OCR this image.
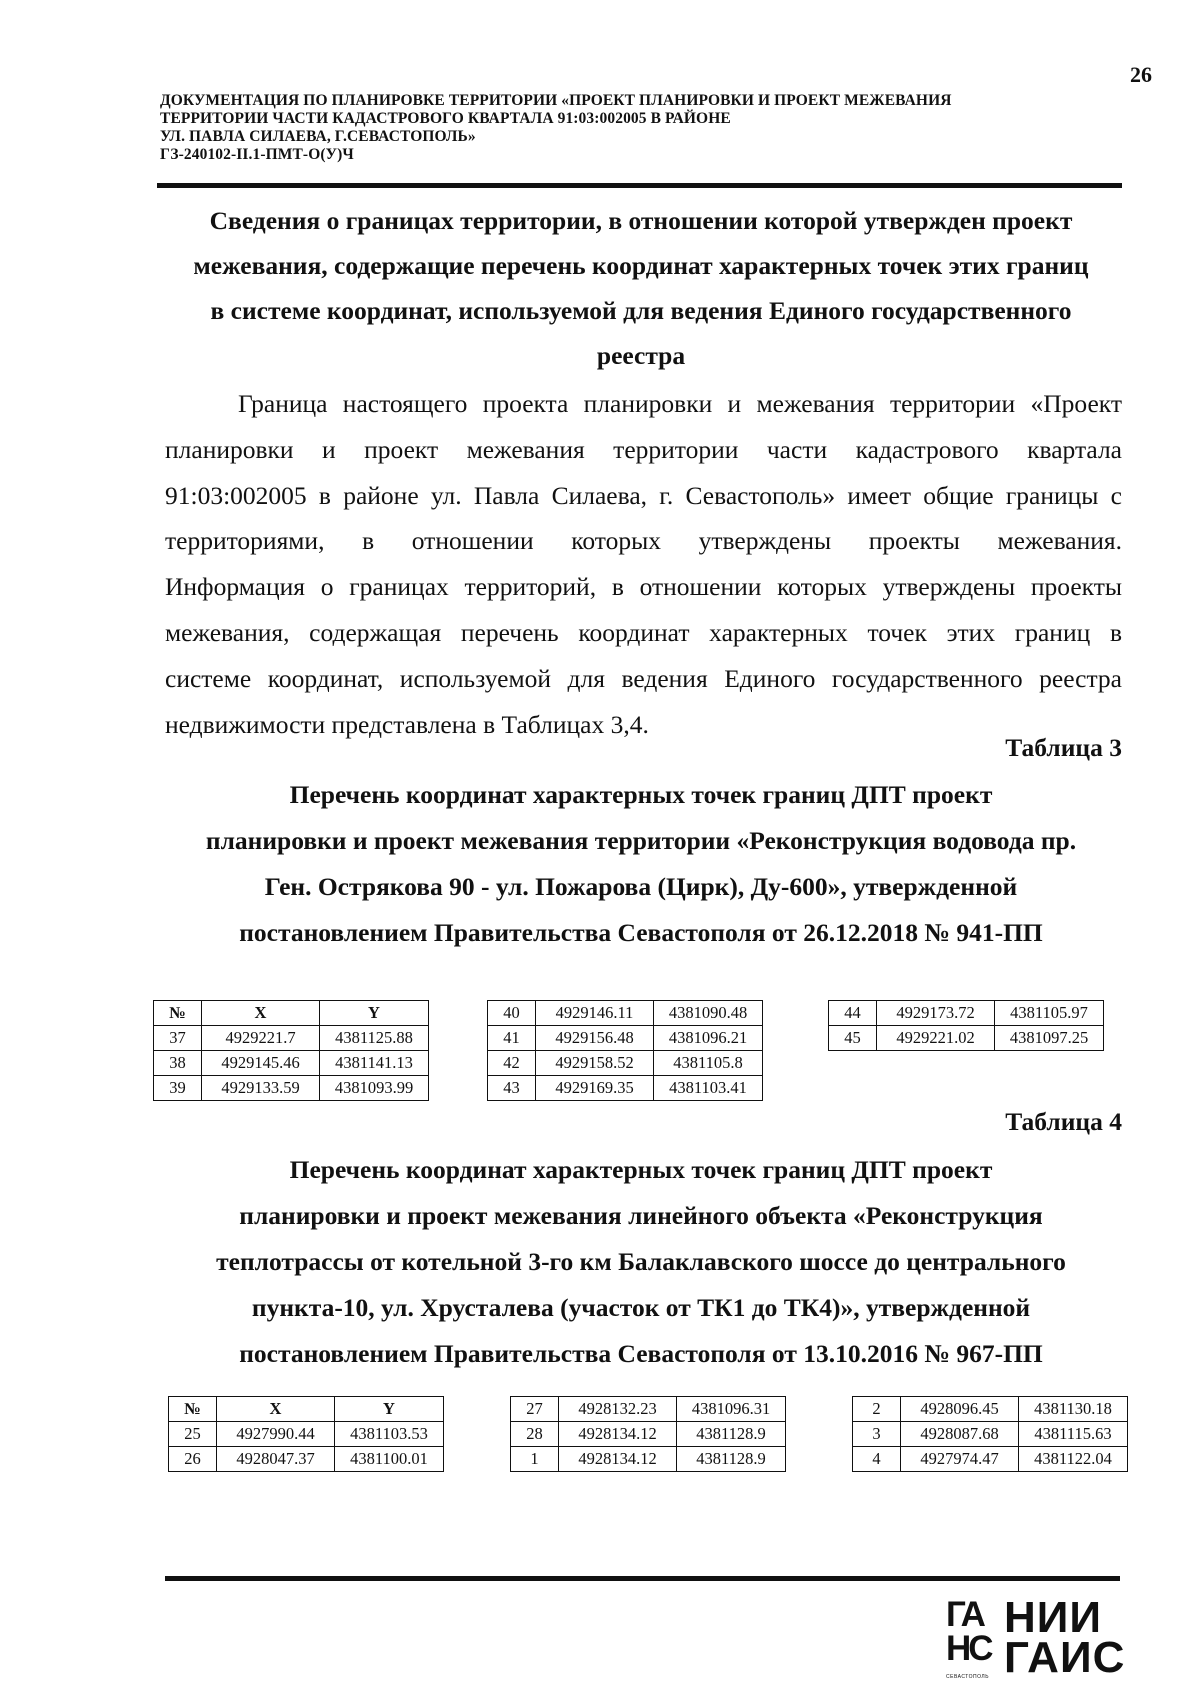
26
ДОКУМЕНТАЦИЯ ПО ПЛАНИРОВКЕ ТЕРРИТОРИИ «ПРОЕКТ ПЛАНИРОВКИ И ПРОЕКТ МЕЖЕВАНИЯ
ТЕРРИТОРИИ ЧАСТИ КАДАСТРОВОГО КВАРТАЛА 91:03:002005 В РАЙОНЕ
УЛ. ПАВЛА СИЛАЕВА, Г.СЕВАСТОПОЛЬ»
ГЗ-240102-II.1-ПМТ-О(У)Ч
Сведения о границах территории, в отношении которой утвержден проект
межевания, содержащие перечень координат характерных точек этих границ
в системе координат, используемой для ведения Единого государственного
реестра
Граница настоящего проекта планировки и межевания территории «Проект
планировки и проект межевания территории части кадастрового квартала
91:03:002005 в районе ул. Павла Силаева, г. Севастополь» имеет общие границы с
территориями, в отношении которых утверждены проекты межевания.
Информация о границах территорий, в отношении которых утверждены проекты
межевания, содержащая перечень координат характерных точек этих границ в
системе координат, используемой для ведения Единого государственного реестра
недвижимости представлена в Таблицах 3,4.
Таблица 3
Перечень координат характерных точек границ ДПТ проект
планировки и проект межевания территории «Реконструкция водовода пр.
Ген. Острякова 90 - ул. Пожарова (Цирк), Ду-600», утвержденной
постановлением Правительства Севастополя от 26.12.2018 № 941-ПП
№	X	Y
37	4929221.7	4381125.88
38	4929145.46	4381141.13
39	4929133.59	4381093.99
40	4929146.11	4381090.48
41	4929156.48	4381096.21
42	4929158.52	4381105.8
43	4929169.35	4381103.41
44	4929173.72	4381105.97
45	4929221.02	4381097.25
Таблица 4
Перечень координат характерных точек границ ДПТ проект
планировки и проект межевания линейного объекта «Реконструкция
теплотрассы от котельной 3-го км Балаклавского шоссе до центрального
пункта-10, ул. Хрусталева (участок от ТК1 до ТК4)», утвержденной
постановлением Правительства Севастополя от 13.10.2016 № 967-ПП
№	X	Y
25	4927990.44	4381103.53
26	4928047.37	4381100.01
27	4928132.23	4381096.31
28	4928134.12	4381128.9
1	4928134.12	4381128.9
2	4928096.45	4381130.18
3	4928087.68	4381115.63
4	4927974.47	4381122.04
ГА
НС
СЕВАСТОПОЛЬ
НИИ
ГАИС
